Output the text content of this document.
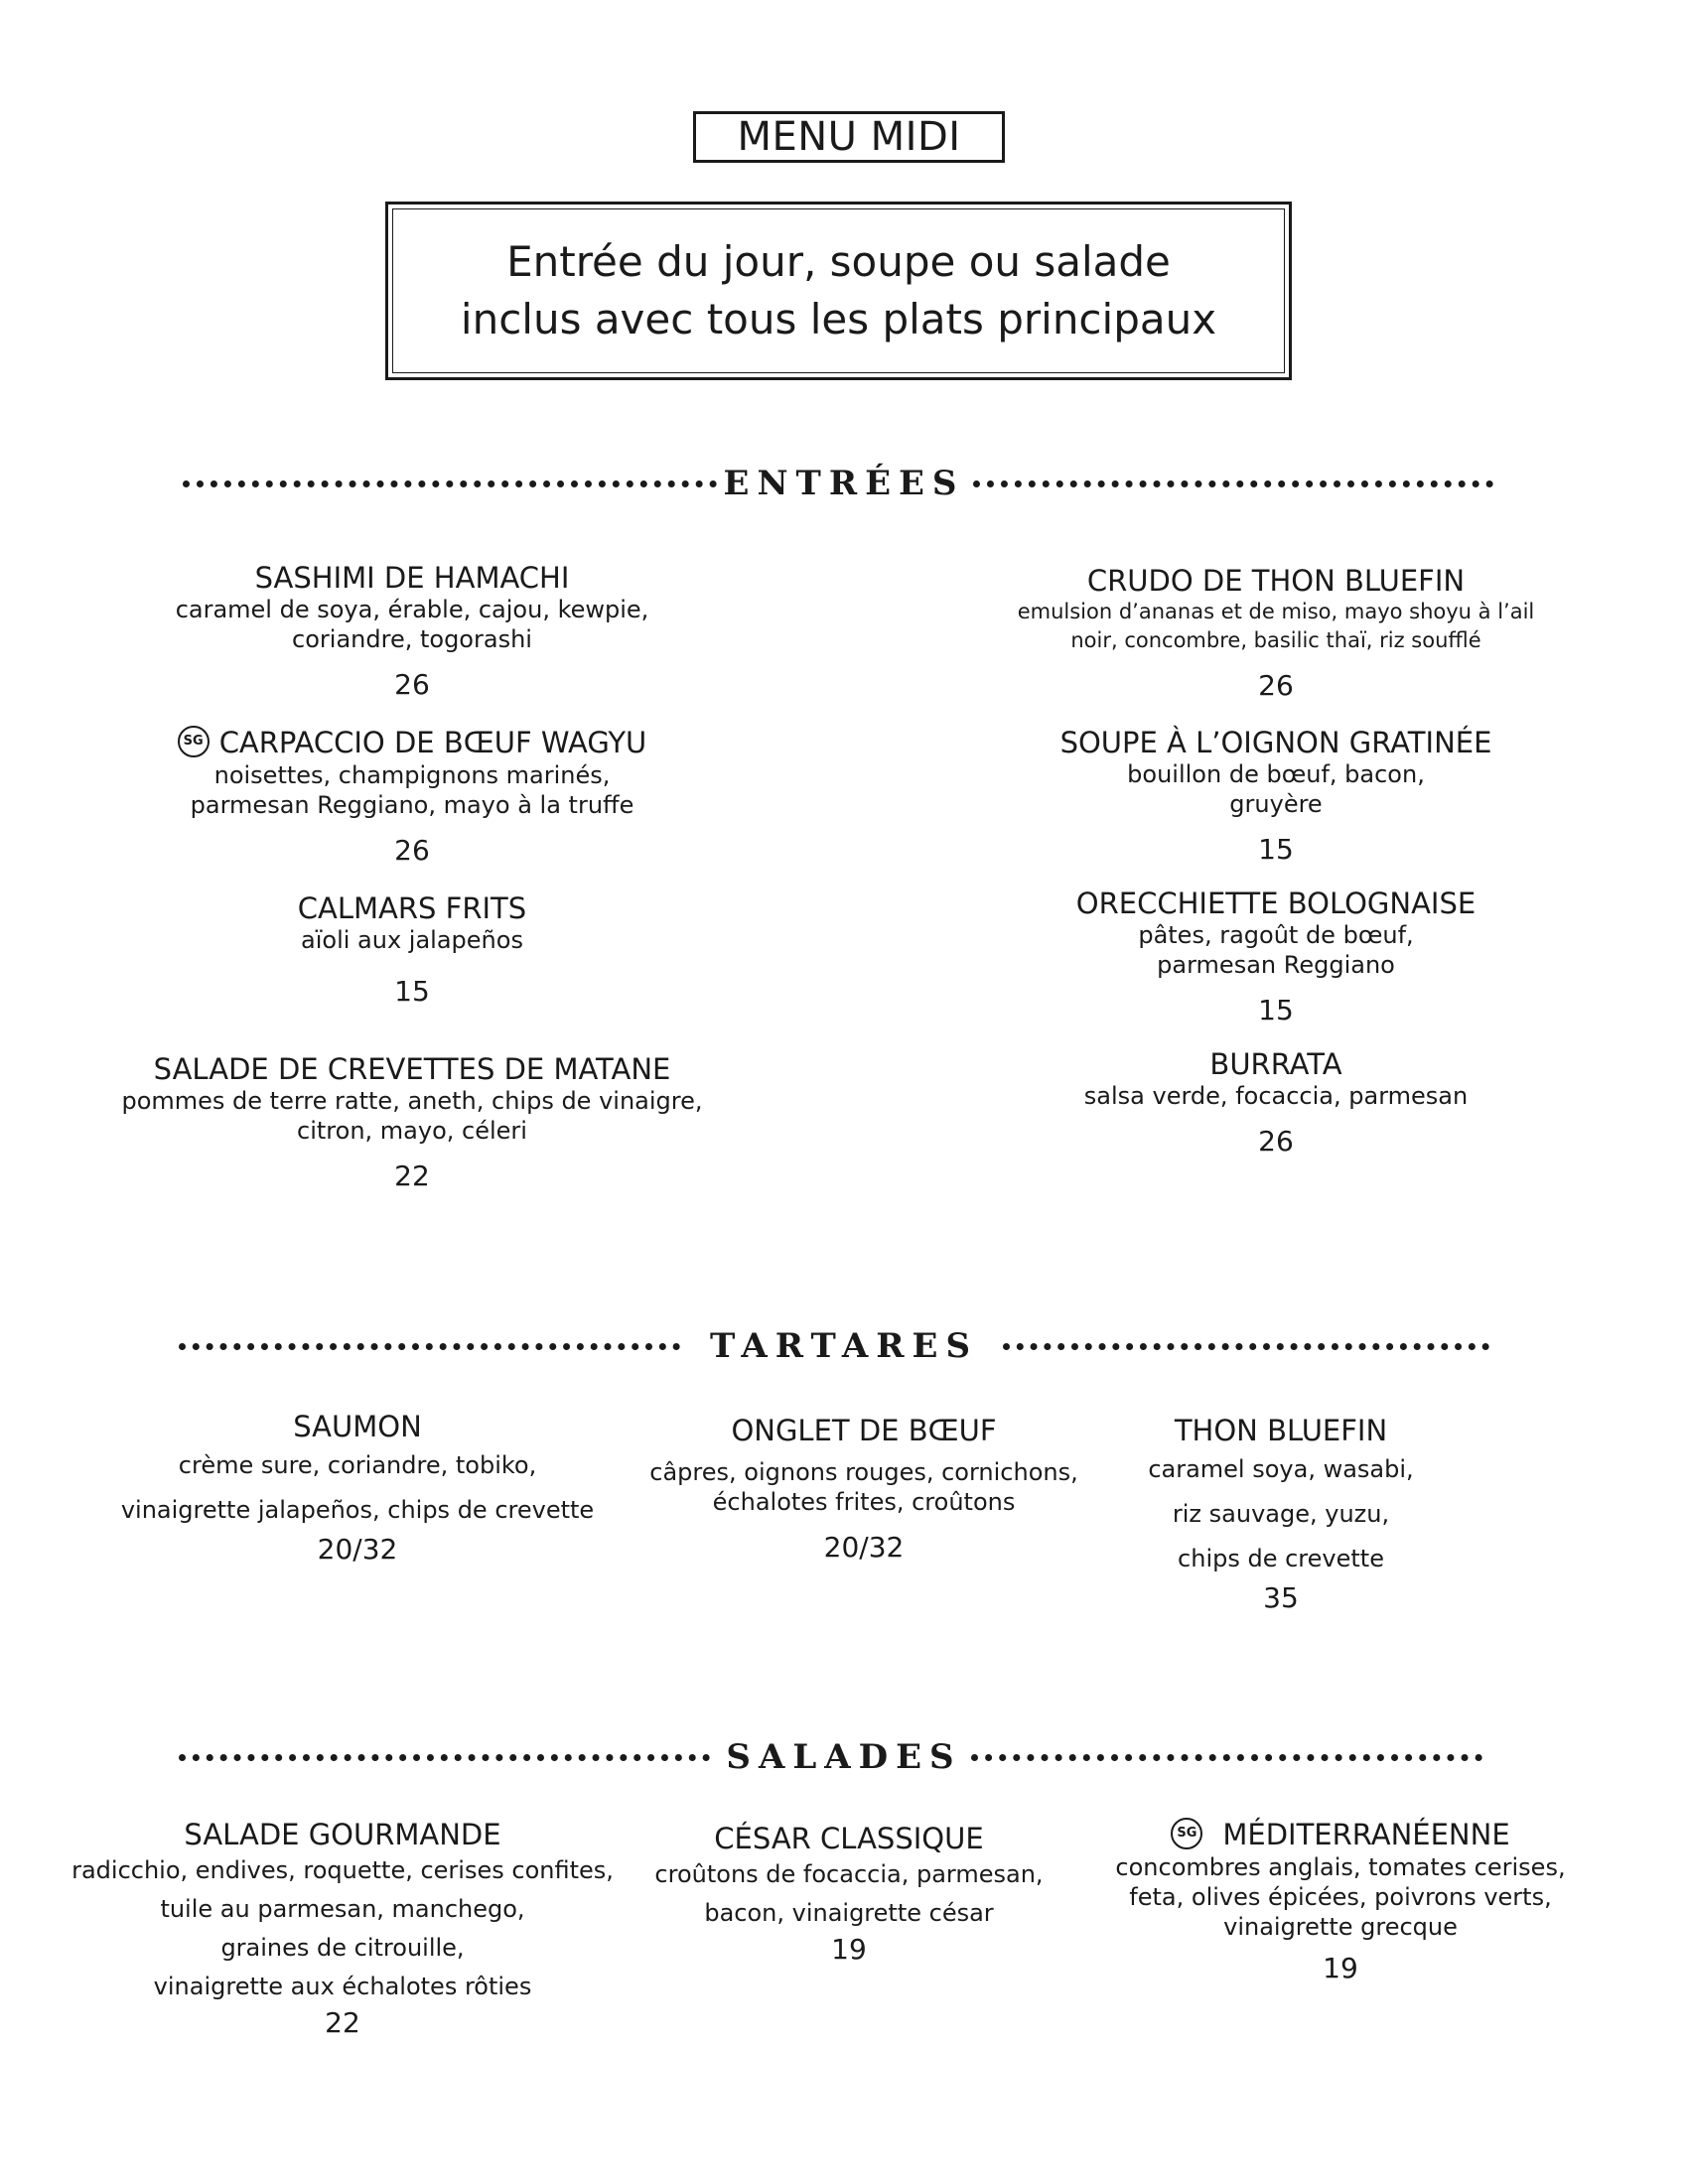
MENU MIDI
Entrée du jour, soupe ou salade
inclus avec tous les plats principaux
ENTRÉES
SASHIMI DE HAMACHI
caramel de soya, érable, cajou, kewpie,
coriandre, togorashi
26
SG CARPACCIO DE BŒUF WAGYU
noisettes, champignons marinés,
parmesan Reggiano, mayo à la truffe
26
CALMARS FRITS
aïoli aux jalapeños
15
SALADE DE CREVETTES DE MATANE
pommes de terre ratte, aneth, chips de vinaigre,
citron, mayo, céleri
22
CRUDO DE THON BLUEFIN
emulsion d’ananas et de miso, mayo shoyu à l’ail
noir, concombre, basilic thaï, riz soufflé
26
SOUPE À L’OIGNON GRATINÉE
bouillon de bœuf, bacon,
gruyère
15
ORECCHIETTE BOLOGNAISE
pâtes, ragoût de bœuf,
parmesan Reggiano
15
BURRATA
salsa verde, focaccia, parmesan
26
TARTARES
SAUMON
crème sure, coriandre, tobiko,
vinaigrette jalapeños, chips de crevette
20/32
ONGLET DE BŒUF
câpres, oignons rouges, cornichons,
échalotes frites, croûtons
20/32
THON BLUEFIN
caramel soya, wasabi,
riz sauvage, yuzu,
chips de crevette
35
SALADES
SALADE GOURMANDE
radicchio, endives, roquette, cerises confites,
tuile au parmesan, manchego,
graines de citrouille,
vinaigrette aux échalotes rôties
22
CÉSAR CLASSIQUE
croûtons de focaccia, parmesan,
bacon, vinaigrette césar
19
SG MÉDITERRANÉENNE
concombres anglais, tomates cerises,
feta, olives épicées, poivrons verts,
vinaigrette grecque
19
